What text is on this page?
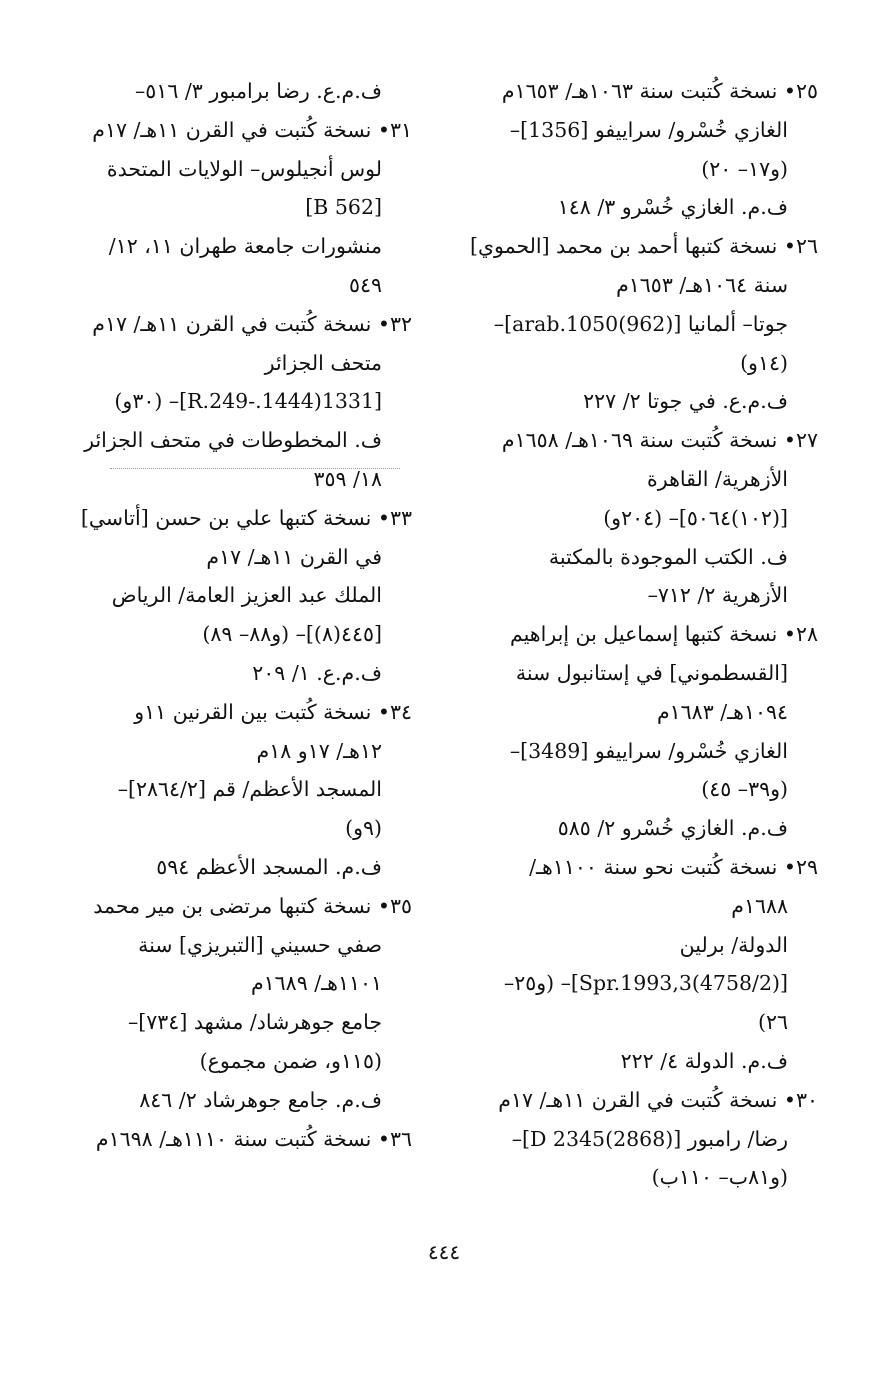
٢٥• نسخة كُتبت سنة ١٠٦٣هـ/ ١٦٥٣م
الغازي خُسْرو/ سراييفو [1356]–
(و١٧– ٢٠)
ف.م. الغازي خُسْرو ٣/ ١٤٨
٢٦• نسخة كتبها أحمد بن محمد [الحموي]
سنة ١٠٦٤هـ/ ١٦٥٣م
جوتا– ألمانيا [arab.1050(962)]–
(١٤و)
ف.م.ع. في جوتا ٢/ ٢٢٧
٢٧• نسخة كُتبت سنة ١٠٦٩هـ/ ١٦٥٨م
الأزهرية/ القاهرة
[(١٠٢)٥٠٦٤]– (٢٠٤و)
ف. الكتب الموجودة بالمكتبة
الأزهرية ٢/ ٧١٢–
٢٨• نسخة كتبها إسماعيل بن إبراهيم
[القسطموني] في إستانبول سنة
١٠٩٤هـ/ ١٦٨٣م
الغازي خُسْرو/ سراييفو [3489]–
(و٣٩– ٤٥)
ف.م. الغازي خُسْرو ٢/ ٥٨٥
٢٩• نسخة كُتبت نحو سنة ١١٠٠هـ/
١٦٨٨م
الدولة/ برلين
[Spr.1993,3(4758/2)]– (و٢٥–
٢٦)
ف.م. الدولة ٤/ ٢٢٢
٣٠• نسخة كُتبت في القرن ١١هـ/ ١٧م
رضا/ رامبور [D 2345(2868)]–
(و٨١ب– ١١٠ب)
ف.م.ع. رضا برامبور ٣/ ٥١٦–
٣١• نسخة كُتبت في القرن ١١هـ/ ١٧م
لوس أنجيلوس– الولايات المتحدة
[B 562]
منشورات جامعة طهران ١١، ١٢/
٥٤٩
٣٢• نسخة كُتبت في القرن ١١هـ/ ١٧م
متحف الجزائر
[R.249-.1444)1331]– (٣٠و)
ف. المخطوطات في متحف الجزائر
١٨/ ٣٥٩
٣٣• نسخة كتبها علي بن حسن [أتاسي]
في القرن ١١هـ/ ١٧م
الملك عبد العزيز العامة/ الرياض
[٤٤٥(٨)]– (و٨٨– ٨٩)
ف.م.ع. ١/ ٢٠٩
٣٤• نسخة كُتبت بين القرنين ١١و
١٢هـ/ ١٧و ١٨م
المسجد الأعظم/ قم [٢٨٦٤/٢]–
(٩و)
ف.م. المسجد الأعظم ٥٩٤
٣٥• نسخة كتبها مرتضى بن مير محمد
صفي حسيني [التبريزي] سنة
١١٠١هـ/ ١٦٨٩م
جامع جوهرشاد/ مشهد [٧٣٤]–
(١١٥و، ضمن مجموع)
ف.م. جامع جوهرشاد ٢/ ٨٤٦
٣٦• نسخة كُتبت سنة ١١١٠هـ/ ١٦٩٨م
٤٤٤
